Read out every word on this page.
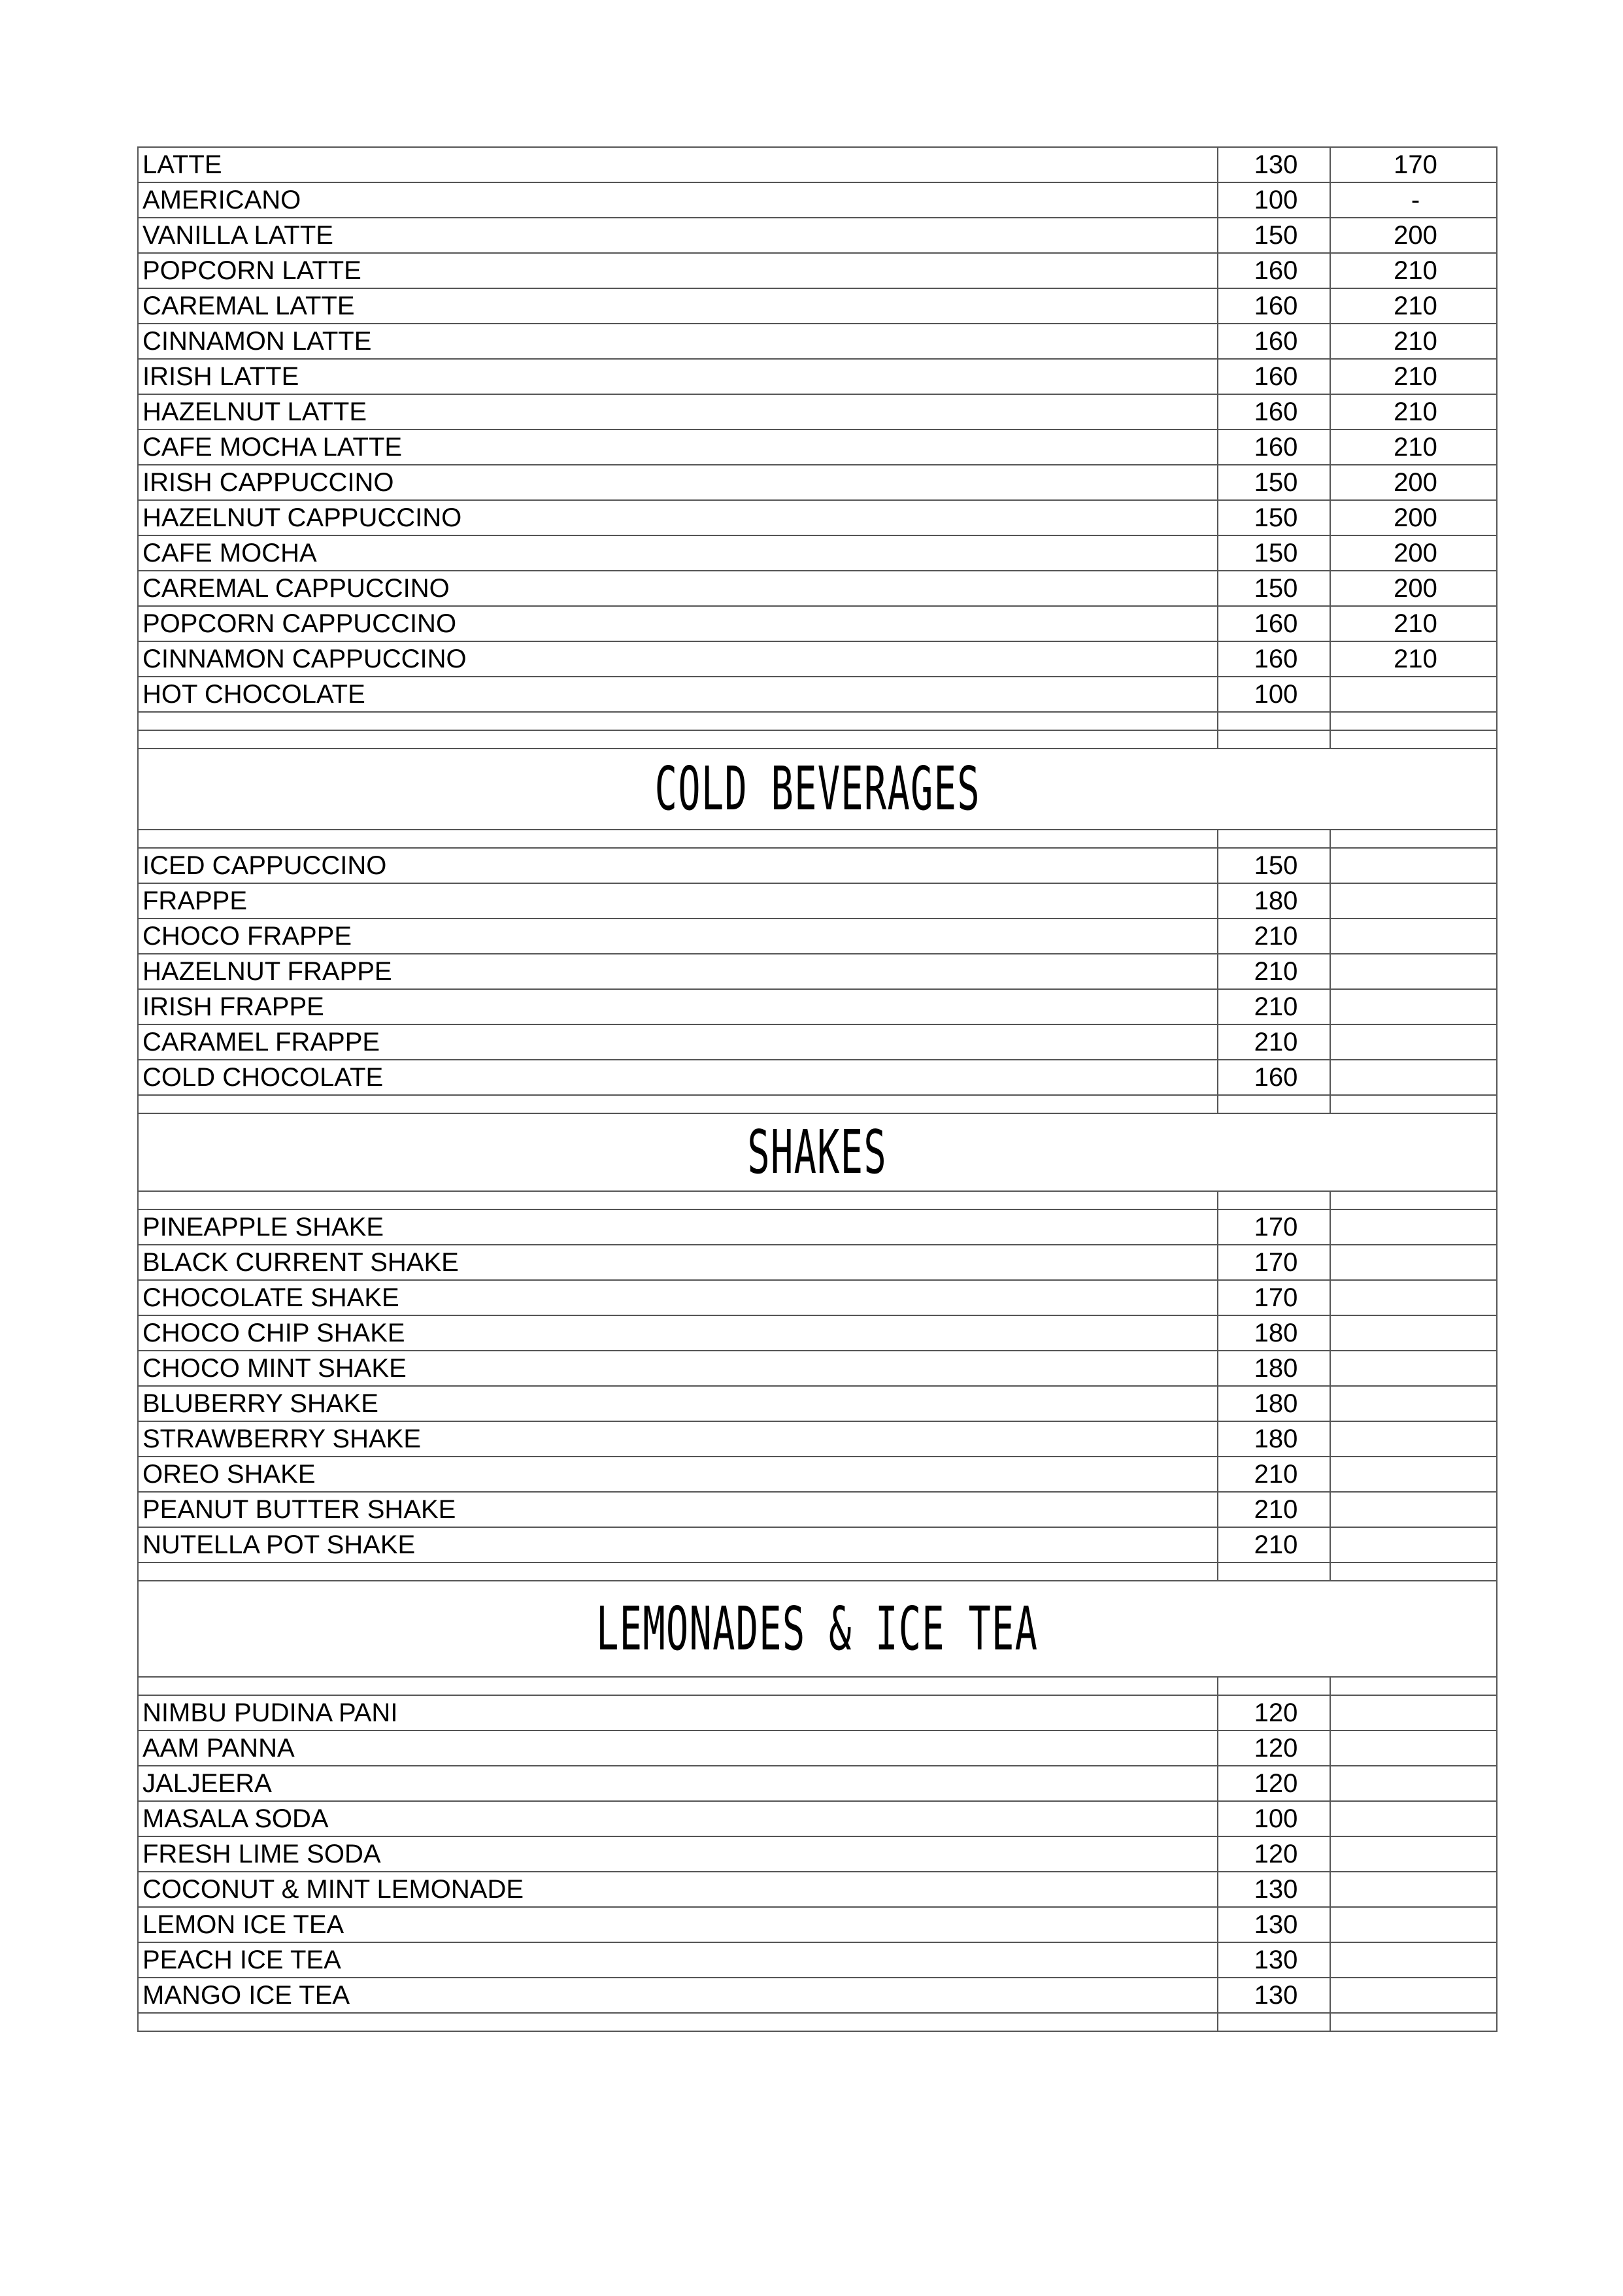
LATTE	130	170
AMERICANO	100	-
VANILLA LATTE	150	200
POPCORN LATTE	160	210
CAREMAL LATTE	160	210
CINNAMON LATTE	160	210
IRISH LATTE	160	210
HAZELNUT LATTE	160	210
CAFE MOCHA LATTE	160	210
IRISH CAPPUCCINO	150	200
HAZELNUT CAPPUCCINO	150	200
CAFE MOCHA	150	200
CAREMAL CAPPUCCINO	150	200
POPCORN CAPPUCCINO	160	210
CINNAMON CAPPUCCINO	160	210
HOT CHOCOLATE	100	

COLD BEVERAGES		

ICED CAPPUCCINO	150	
FRAPPE	180	
CHOCO FRAPPE	210	
HAZELNUT FRAPPE	210	
IRISH FRAPPE	210	
CARAMEL FRAPPE	210	
COLD CHOCOLATE	160	

SHAKES		

PINEAPPLE SHAKE	170	
BLACK CURRENT SHAKE	170	
CHOCOLATE SHAKE	170	
CHOCO CHIP SHAKE	180	
CHOCO MINT SHAKE	180	
BLUBERRY SHAKE	180	
STRAWBERRY SHAKE	180	
OREO SHAKE	210	
PEANUT BUTTER SHAKE	210	
NUTELLA POT SHAKE	210	

LEMONADES & ICE TEA		

NIMBU PUDINA PANI	120	
AAM PANNA	120	
JALJEERA	120	
MASALA SODA	100	
FRESH LIME SODA	120	
COCONUT & MINT LEMONADE	130	
LEMON ICE TEA	130	
PEACH ICE TEA	130	
MANGO ICE TEA	130	
